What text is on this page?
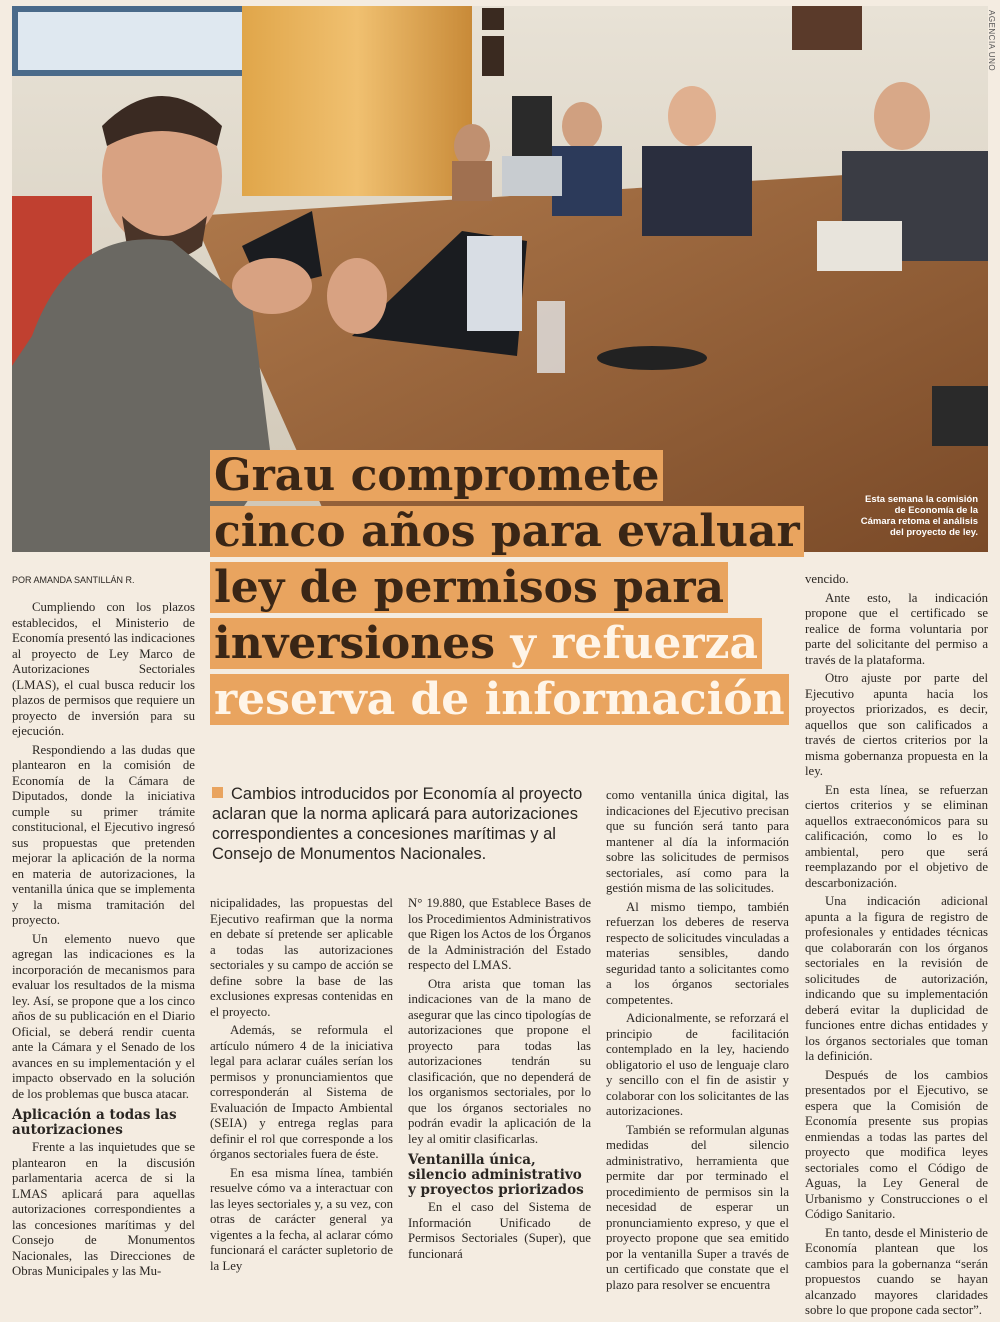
AGENCIA UNO
Esta semana la comisión de Economía de la Cámara retoma el análisis del proyecto de ley.
Grau compromete
cinco años para evaluar
ley de permisos para
inversiones y refuerza
reserva de información
POR AMANDA SANTILLÁN R.
Cambios introducidos por Economía al proyecto aclaran que la norma aplicará para autorizaciones correspondientes a concesiones marítimas y al Consejo de Monumentos Nacionales.

Cumpliendo con los plazos establecidos, el Ministerio de Economía presentó las indicaciones al proyecto de Ley Marco de Autorizaciones Sectoriales (LMAS), el cual busca reducir los plazos de permisos que requiere un proyecto de inversión para su ejecución.

Respondiendo a las dudas que plantearon en la comisión de Economía de la Cámara de Diputados, donde la iniciativa cumple su primer trámite constitucional, el Ejecutivo ingresó sus propuestas que pretenden mejorar la aplicación de la norma en materia de autorizaciones, la ventanilla única que se implementa y la misma tramitación del proyecto.

Un elemento nuevo que agregan las indicaciones es la incorporación de mecanismos para evaluar los resultados de la misma ley. Así, se propone que a los cinco años de su publicación en el Diario Oficial, se deberá rendir cuenta ante la Cámara y el Senado de los avances en su implementación y el impacto observado en la solución de los problemas que busca atacar.

Aplicación a todas las autorizaciones

Frente a las inquietudes que se plantearon en la discusión parlamentaria acerca de si la LMAS aplicará para aquellas autorizaciones correspondientes a las concesiones marítimas y del Consejo de Monumentos Nacionales, las Direcciones de Obras Municipales y las Mu-

nicipalidades, las propuestas del Ejecutivo reafirman que la norma en debate sí pretende ser aplicable a todas las autorizaciones sectoriales y su campo de acción se define sobre la base de las exclusiones expresas contenidas en el proyecto.

Además, se reformula el artículo número 4 de la iniciativa legal para aclarar cuáles serían los permisos y pronunciamientos que corresponderán al Sistema de Evaluación de Impacto Ambiental (SEIA) y entrega reglas para definir el rol que corresponde a los órganos sectoriales fuera de éste.

En esa misma línea, también resuelve cómo va a interactuar con las leyes sectoriales y, a su vez, con otras de carácter general ya vigentes a la fecha, al aclarar cómo funcionará el carácter supletorio de la Ley

N° 19.880, que Establece Bases de los Procedimientos Administrativos que Rigen los Actos de los Órganos de la Administración del Estado respecto del LMAS.

Otra arista que toman las indicaciones van de la mano de asegurar que las cinco tipologías de autorizaciones que propone el proyecto para todas las autorizaciones tendrán su clasificación, que no dependerá de los organismos sectoriales, por lo que los órganos sectoriales no podrán evadir la aplicación de la ley al omitir clasificarlas.

Ventanilla única, silencio administrativo y proyectos priorizados

En el caso del Sistema de Información Unificado de Permisos Sectoriales (Super), que funcionará

como ventanilla única digital, las indicaciones del Ejecutivo precisan que su función será tanto para mantener al día la información sobre las solicitudes de permisos sectoriales, así como para la gestión misma de las solicitudes.

Al mismo tiempo, también refuerzan los deberes de reserva respecto de solicitudes vinculadas a materias sensibles, dando seguridad tanto a solicitantes como a los órganos sectoriales competentes.

Adicionalmente, se reforzará el principio de facilitación contemplado en la ley, haciendo obligatorio el uso de lenguaje claro y sencillo con el fin de asistir y colaborar con los solicitantes de las autorizaciones.

También se reformulan algunas medidas del silencio administrativo, herramienta que permite dar por terminado el procedimiento de permisos sin la necesidad de esperar un pronunciamiento expreso, y que el proyecto propone que sea emitido por la ventanilla Super a través de un certificado que constate que el plazo para resolver se encuentra

vencido.

Ante esto, la indicación propone que el certificado se realice de forma voluntaria por parte del solicitante del permiso a través de la plataforma.

Otro ajuste por parte del Ejecutivo apunta hacia los proyectos priorizados, es decir, aquellos que son calificados a través de ciertos criterios por la misma gobernanza propuesta en la ley.

En esta línea, se refuerzan ciertos criterios y se eliminan aquellos extraeconómicos para su calificación, como lo es lo ambiental, pero que será reemplazando por el objetivo de descarbonización.

Una indicación adicional apunta a la figura de registro de profesionales y entidades técnicas que colaborarán con los órganos sectoriales en la revisión de solicitudes de autorización, indicando que su implementación deberá evitar la duplicidad de funciones entre dichas entidades y los órganos sectoriales que toman la definición.

Después de los cambios presentados por el Ejecutivo, se espera que la Comisión de Economía presente sus propias enmiendas a todas las partes del proyecto que modifica leyes sectoriales como el Código de Aguas, la Ley General de Urbanismo y Construcciones o el Código Sanitario.

En tanto, desde el Ministerio de Economía plantean que los cambios para la gobernanza “serán propuestos cuando se hayan alcanzado mayores claridades sobre lo que propone cada sector”.
